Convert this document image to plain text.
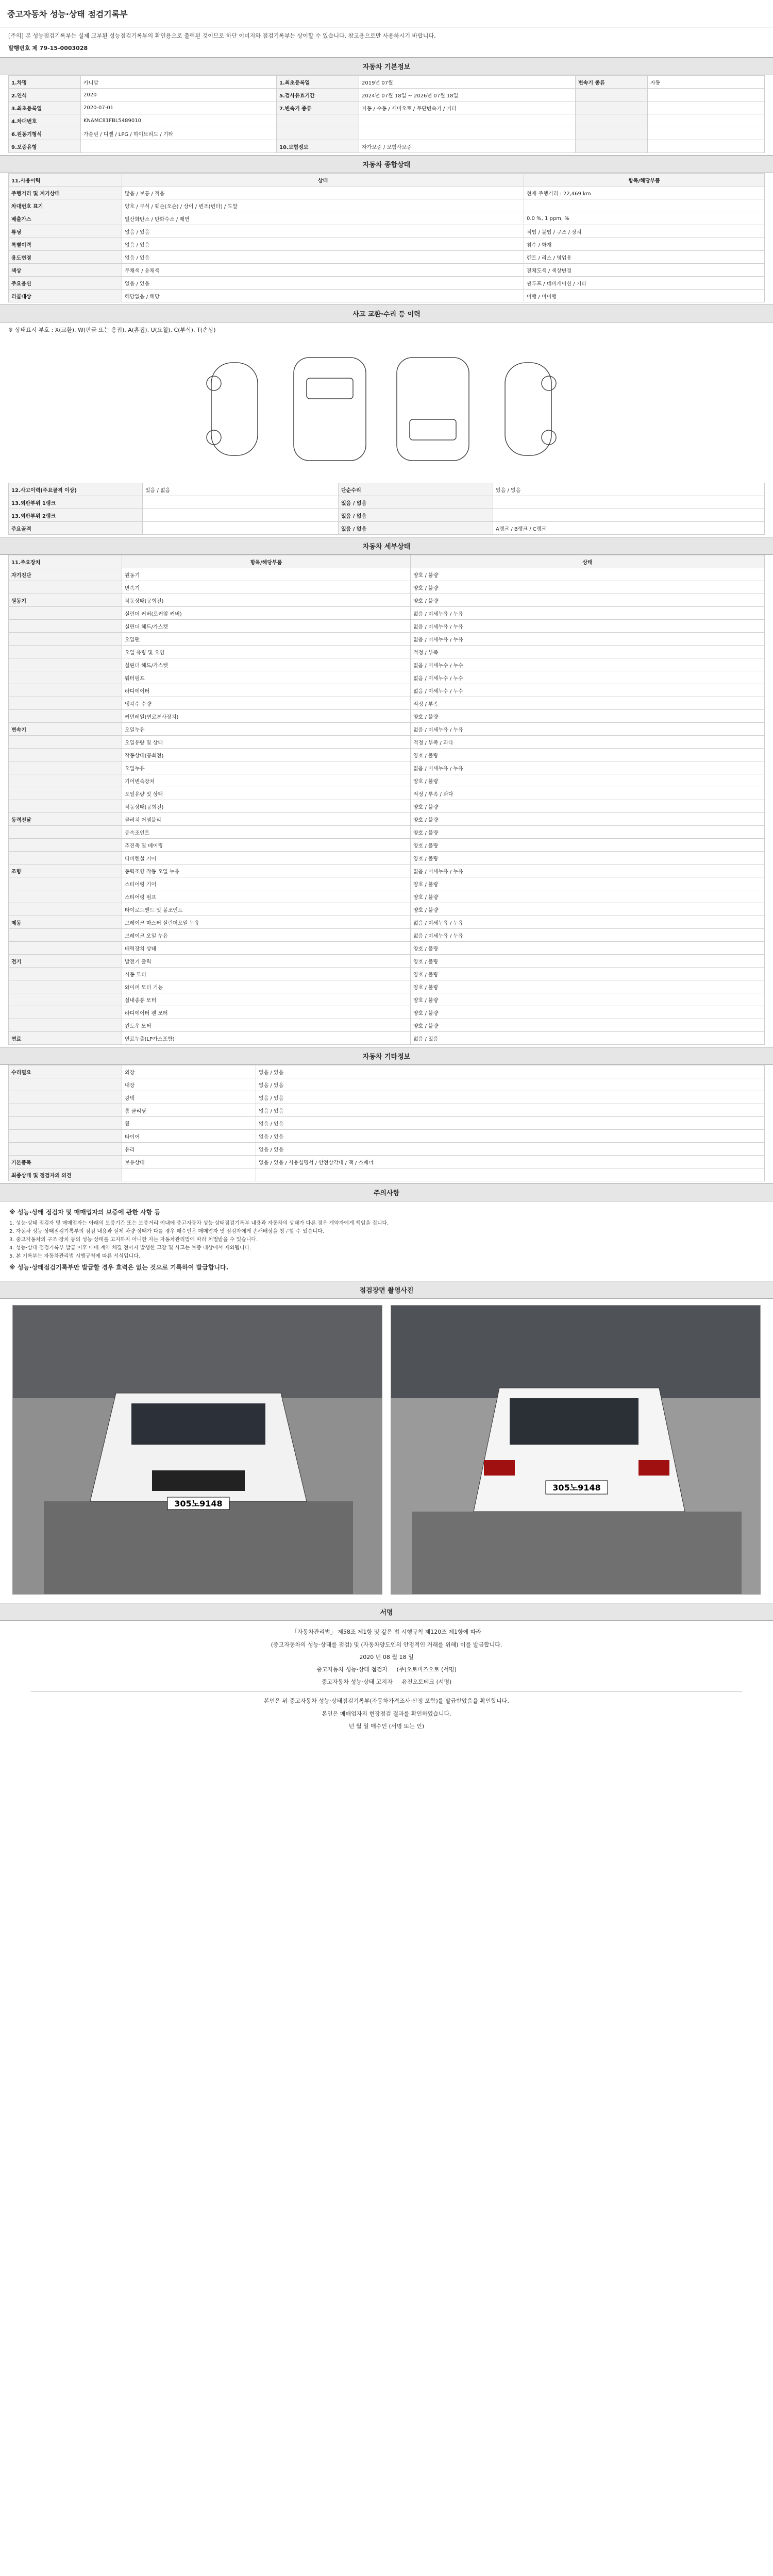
중고자동차 성능·상태 점검기록부
[주의] 본 성능점검기록부는 실제 교부된 성능점검기록부의 확인용으로 출력된 것이므로 하단 이미지와 점검기록부는 상이할 수 있습니다. 참고용으로만 사용하시기 바랍니다.
발행번호 제 79-15-0003028
자동차 기본정보
1.차명	카니발	1.최초등록일	2019년 07월	변속기 종류	자동
2.연식	2020	5.검사유효기간	2024년 07월 18일 ~ 2026년 07월 18일		
3.최초등록일	2020-07-01	7.변속기 종류	자동 / 수동 / 세미오토 / 무단변속기 / 기타		
4.차대번호	KNAMC81FBL5489010				
6.원동기형식	가솔린 / 디젤 / LPG / 하이브리드 / 기타				
9.보증유형		10.보험정보	자가보증 / 보험사보증		
자동차 종합상태
11.사용이력	상태	항목/해당부품
주행거리 및 계기상태	많음 / 보통 / 적음	현재 주행거리 : 22,469 km
차대번호 표기	양호 / 부식 / 훼손(오손) / 상이 / 변조(변타) / 도말	
배출가스	일산화탄소 / 탄화수소 / 매연	0.0 %, 1 ppm, %
튜닝	없음 / 있음	적법 / 불법 / 구조 / 장치
특별이력	없음 / 있음	침수 / 화재
용도변경	없음 / 있음	렌트 / 리스 / 영업용
색상	무채색 / 유채색	전체도색 / 색상변경
주요옵션	없음 / 있음	썬루프 / 네비게이션 / 기타
리콜대상	해당없음 / 해당	이행 / 미이행
사고 교환·수리 등 이력
※ 상태표시 부호 : X(교환), W(판금 또는 용접), A(흠집), U(요철), C(부식), T(손상)
12.사고이력(주요골격 이상)	있음 / 없음	단순수리	있음 / 없음
13.외판부위 1랭크		있음 / 없음	
13.외판부위 2랭크		있음 / 없음	
주요골격		있음 / 없음	A랭크 / B랭크 / C랭크
자동차 세부상태
11.주요장치	항목/해당부품	상태
자기진단	원동기	양호 / 불량
	변속기	양호 / 불량
원동기	작동상태(공회전)	양호 / 불량
	실린더 커버(로커암 커버)	없음 / 미세누유 / 누유
	실린더 헤드/가스켓	없음 / 미세누유 / 누유
	오일팬	없음 / 미세누유 / 누유
	오일 유량 및 오염	적정 / 부족
	실린더 헤드/가스켓	없음 / 미세누수 / 누수
	워터펌프	없음 / 미세누수 / 누수
	라디에이터	없음 / 미세누수 / 누수
	냉각수 수량	적정 / 부족
	커먼레일(연료분사장치)	양호 / 불량
변속기	오일누유	없음 / 미세누유 / 누유
	오일유량 및 상태	적정 / 부족 / 과다
	작동상태(공회전)	양호 / 불량
	오일누유	없음 / 미세누유 / 누유
	기어변속장치	양호 / 불량
	오일유량 및 상태	적정 / 부족 / 과다
	작동상태(공회전)	양호 / 불량
동력전달	클러치 어셈블리	양호 / 불량
	등속조인트	양호 / 불량
	추진축 및 베어링	양호 / 불량
	디퍼렌셜 기어	양호 / 불량
조향	동력조향 작동 오일 누유	없음 / 미세누유 / 누유
	스티어링 기어	양호 / 불량
	스티어링 펌프	양호 / 불량
	타이로드엔드 및 볼조인트	양호 / 불량
제동	브레이크 마스터 실린더오일 누유	없음 / 미세누유 / 누유
	브레이크 오일 누유	없음 / 미세누유 / 누유
	배력장치 상태	양호 / 불량
전기	발전기 출력	양호 / 불량
	시동 모터	양호 / 불량
	와이퍼 모터 기능	양호 / 불량
	실내송풍 모터	양호 / 불량
	라디에이터 팬 모터	양호 / 불량
	윈도우 모터	양호 / 불량
연료	연료누출(LP가스포함)	없음 / 있음
자동차 기타정보
수리필요	외장	없음 / 있음
	내장	없음 / 있음
	광택	없음 / 있음
	룸 클리닝	없음 / 있음
	휠	없음 / 있음
	타이어	없음 / 있음
	유리	없음 / 있음
기본품목	보유상태	없음 / 있음 / 사용설명서 / 안전삼각대 / 잭 / 스패너
최종상태 및 점검자의 의견		
주의사항
※ 성능·상태 점검자 및 매매업자의 보증에 관한 사항 등
1. 성능·상태 점검자 및 매매업자는 아래의 보증기간 또는 보증거리 이내에 중고자동차 성능·상태점검기록부 내용과 자동차의 상태가 다른 경우 계약자에게 책임을 집니다.
2. 자동차 성능·상태점검기록부의 점검 내용과 실제 차량 상태가 다를 경우 매수인은 매매업자 및 점검자에게 손해배상을 청구할 수 있습니다.
3. 중고자동차의 구조·장치 등의 성능·상태를 고지하지 아니한 자는 자동차관리법에 따라 처벌받을 수 있습니다.
4. 성능·상태 점검기록부 발급 이후 매매 계약 체결 전까지 발생한 고장 및 사고는 보증 대상에서 제외됩니다.
5. 본 기록부는 자동차관리법 시행규칙에 따른 서식입니다.
※ 성능·상태점검기록부만 발급할 경우 효력은 없는 것으로 기록하여 발급합니다.
점검장면 촬영사진
305노9148
305노9148
서명
「자동차관리법」 제58조 제1항 및 같은 법 시행규칙 제120조 제1항에 따라
(중고자동차의 성능·상태를 점검) 및 (자동차양도인의 안정적인 거래를 위해) 이를 발급합니다.
2020 년 08 월 18 일
중고자동차 성능·상태 점검자 (주)오토비즈오토 (서명)
중고자동차 성능·상태 고지자 유진오토테크 (서명)
본인은 위 중고자동차 성능·상태점검기록부(자동차가격조사·산정 포함)를 발급받았음을 확인합니다.
본인은 매매업자의 현장점검 결과를 확인하였습니다.
년 월 일 매수인 (서명 또는 인)
